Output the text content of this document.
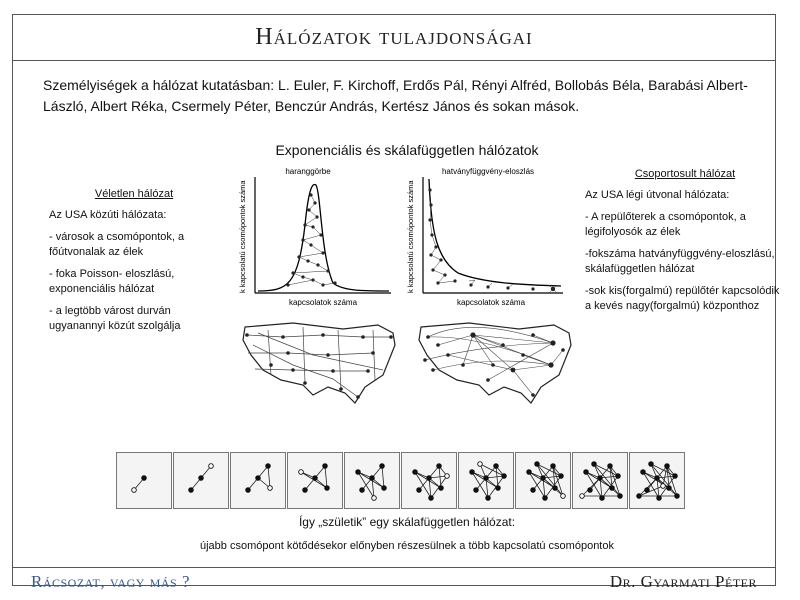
Hálózatok tulajdonságai
Személyiségek a hálózat kutatásban: L. Euler, F. Kirchoff, Erdős Pál, Rényi Alfréd, Bollobás Béla, Barabási Albert-László, Albert Réka, Csermely Péter, Benczúr András, Kertész János és sokan mások.
Exponenciális és skálafüggetlen hálózatok
Véletlen hálózat

Az USA közúti hálózata:

- városok a csomópontok, a főútvonalak az élek

- foka Poisson- eloszlású, exponenciális hálózat

- a legtöbb várost durván ugyanannyi közút szolgálja

Csoportosult hálózat

Az USA légi útvonal hálózata:

- A repülőterek a csomópontok, a légifolyosók az élek

-fokszáma hatványfüggvény-eloszlású, skálafüggetlen hálózat

-sok kis(forgalmú) repülőtér kapcsolódik a kevés nagy(forgalmú) központhoz

haranggörbe	hatványfüggvény-eloszlás
k kapcsolatú csomópontok száma	k kapcsolatú csomópontok száma
kapcsolatok száma	kapcsolatok száma
Így „születik” egy skálafüggetlen hálózat:
újabb csomópont kötődésekor előnyben részesülnek a több kapcsolatú csomópontok
Rácsozat, vagy más ?	Dr. Gyarmati Péter
